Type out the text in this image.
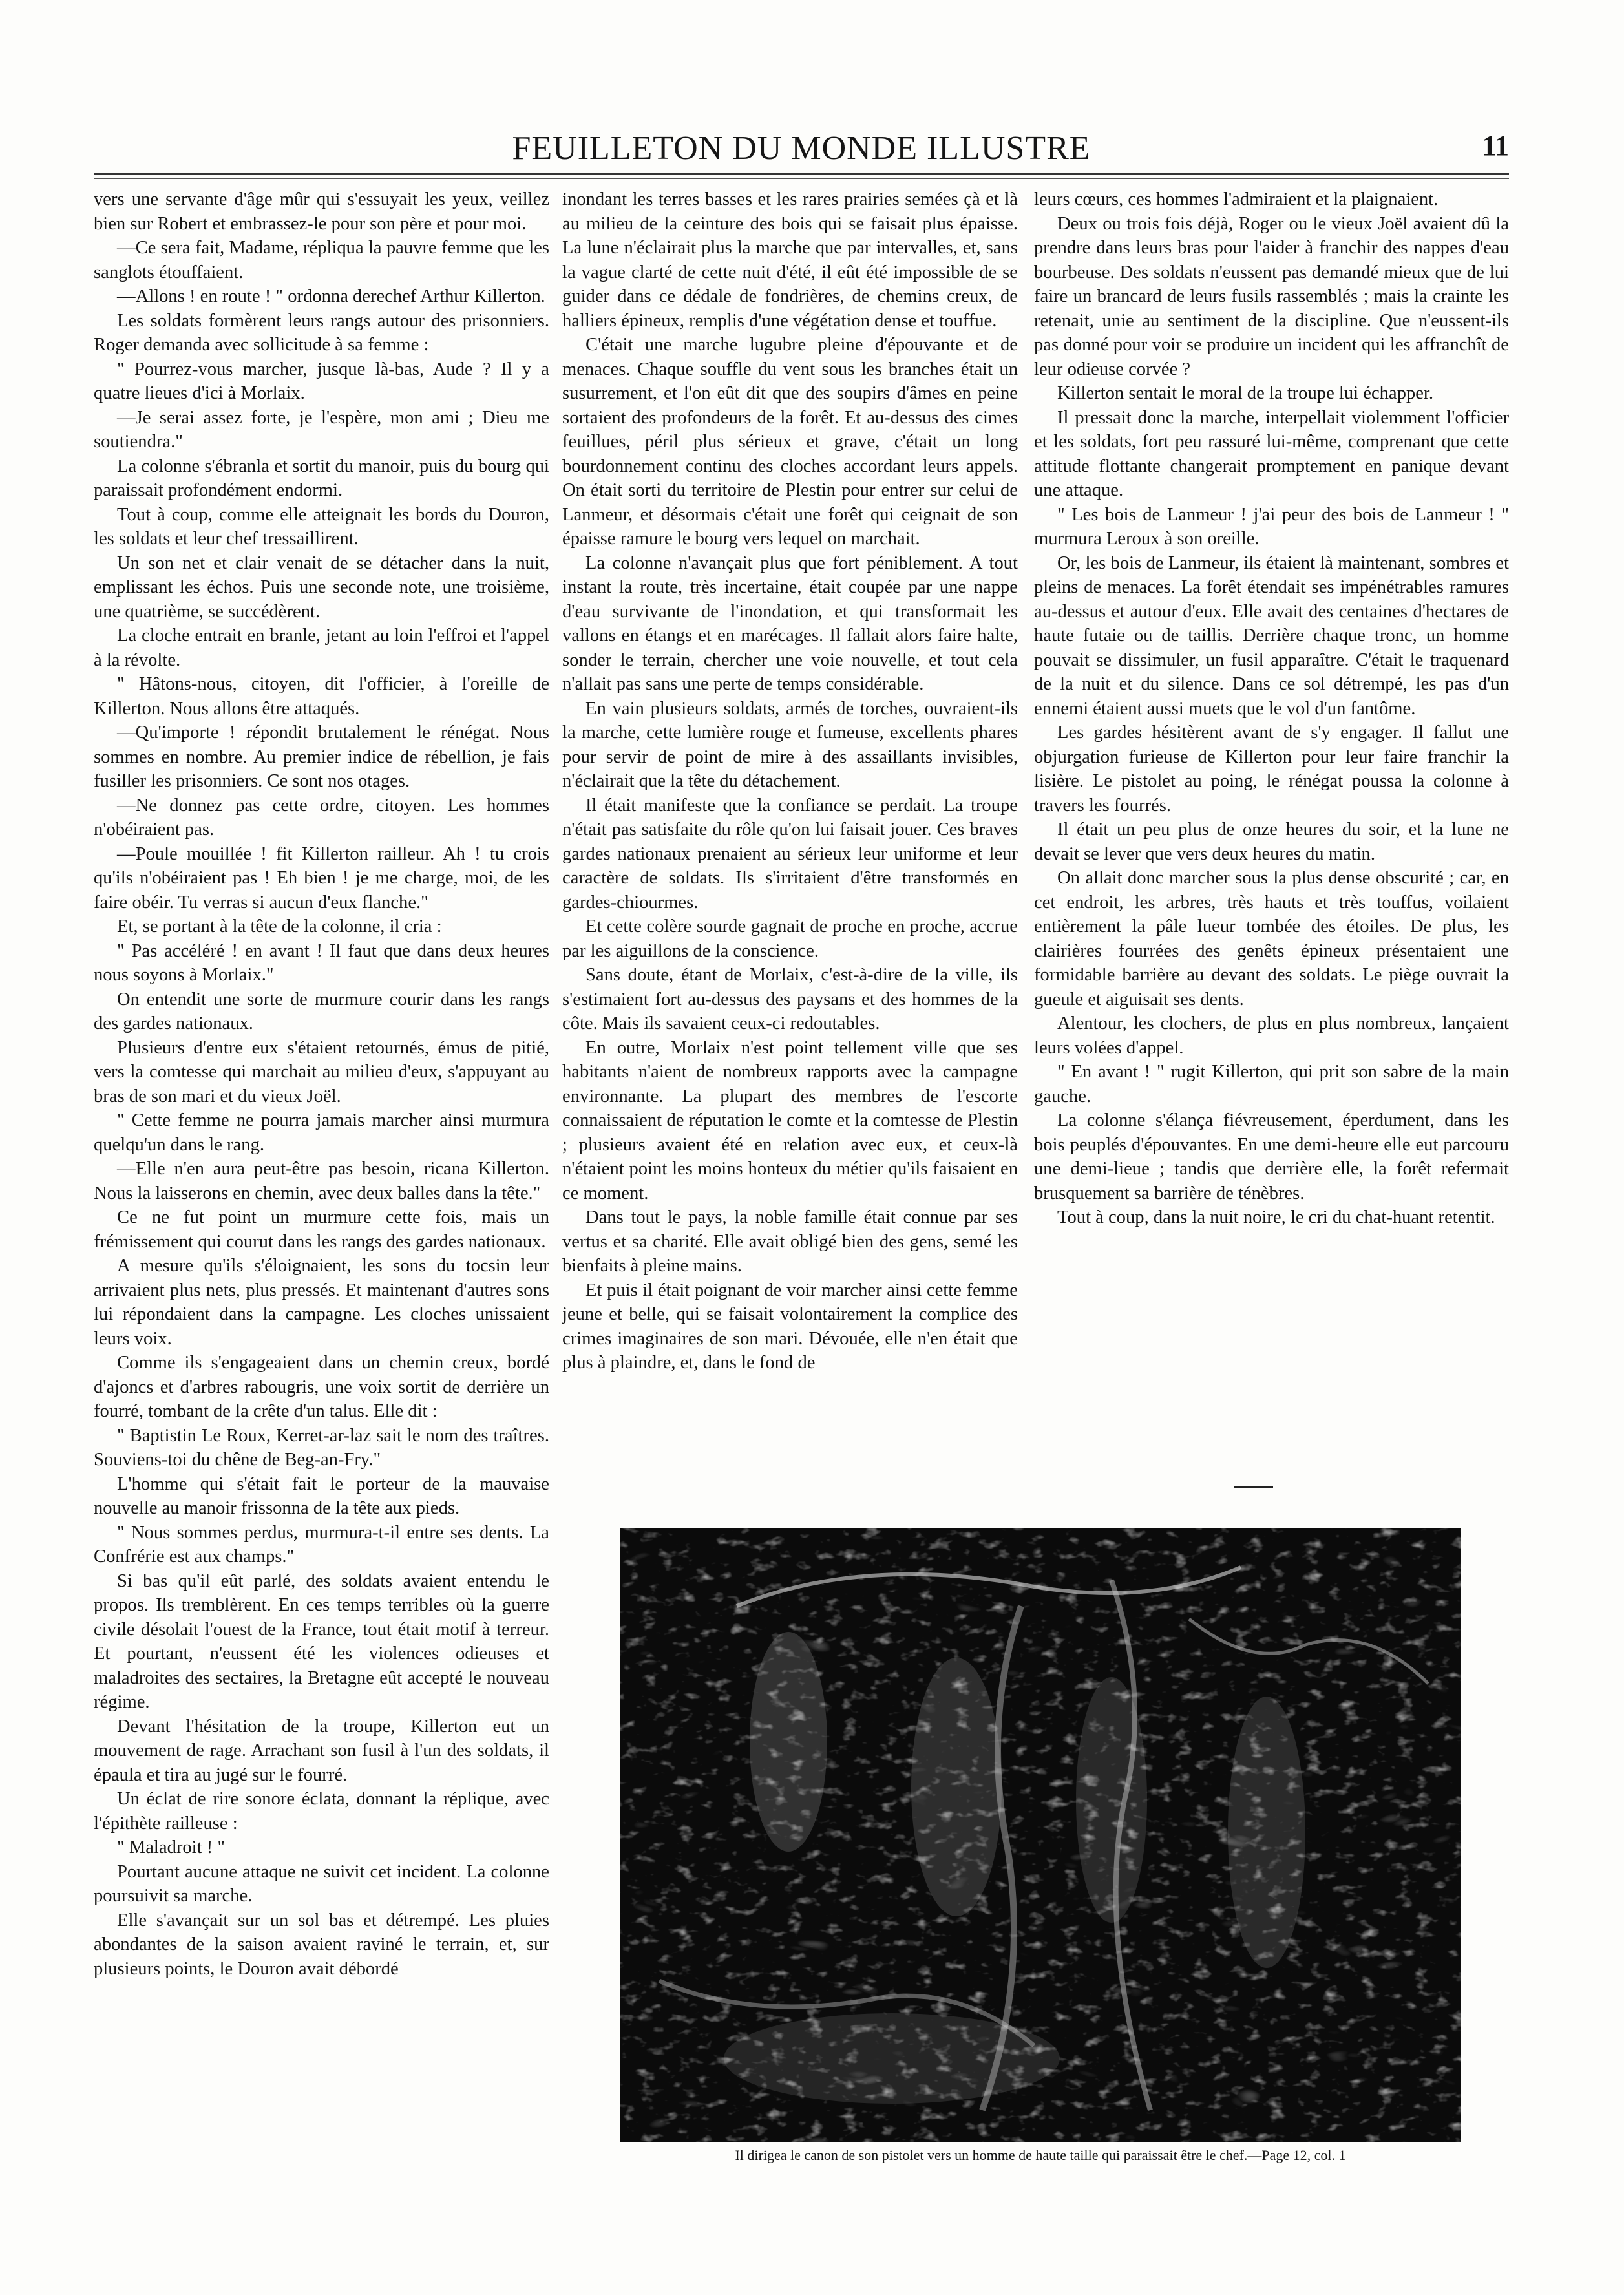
FEUILLETON DU MONDE ILLUSTRE	11

vers une servante d'âge mûr qui s'essuyait les yeux, veillez bien sur Robert et embrassez-le pour son père et pour moi.

—Ce sera fait, Madame, répliqua la pauvre femme que les sanglots étouffaient.

—Allons ! en route ! " ordonna derechef Arthur Killerton.

Les soldats formèrent leurs rangs autour des prisonniers. Roger demanda avec sollicitude à sa femme :

" Pourrez-vous marcher, jusque là-bas, Aude ? Il y a quatre lieues d'ici à Morlaix.

—Je serai assez forte, je l'espère, mon ami ; Dieu me soutiendra."

La colonne s'ébranla et sortit du manoir, puis du bourg qui paraissait profondément endormi.

Tout à coup, comme elle atteignait les bords du Douron, les soldats et leur chef tressaillirent.

Un son net et clair venait de se détacher dans la nuit, emplissant les échos. Puis une seconde note, une troisième, une quatrième, se succédèrent.

La cloche entrait en branle, jetant au loin l'effroi et l'appel à la révolte.

" Hâtons-nous, citoyen, dit l'officier, à l'oreille de Killerton. Nous allons être attaqués.

—Qu'importe ! répondit brutalement le rénégat. Nous sommes en nombre. Au premier indice de rébellion, je fais fusiller les prisonniers. Ce sont nos otages.

—Ne donnez pas cette ordre, citoyen. Les hommes n'obéiraient pas.

—Poule mouillée ! fit Killerton railleur. Ah ! tu crois qu'ils n'obéiraient pas ! Eh bien ! je me charge, moi, de les faire obéir. Tu verras si aucun d'eux flanche."

Et, se portant à la tête de la colonne, il cria :

" Pas accéléré ! en avant ! Il faut que dans deux heures nous soyons à Morlaix."

On entendit une sorte de murmure courir dans les rangs des gardes nationaux.

Plusieurs d'entre eux s'étaient retournés, émus de pitié, vers la comtesse qui marchait au milieu d'eux, s'appuyant au bras de son mari et du vieux Joël.

" Cette femme ne pourra jamais marcher ainsi murmura quelqu'un dans le rang.

—Elle n'en aura peut-être pas besoin, ricana Killerton. Nous la laisserons en chemin, avec deux balles dans la tête."

Ce ne fut point un murmure cette fois, mais un frémissement qui courut dans les rangs des gardes nationaux.

A mesure qu'ils s'éloignaient, les sons du tocsin leur arrivaient plus nets, plus pressés. Et maintenant d'autres sons lui répondaient dans la campagne. Les cloches unissaient leurs voix.

Comme ils s'engageaient dans un chemin creux, bordé d'ajoncs et d'arbres rabougris, une voix sortit de derrière un fourré, tombant de la crête d'un talus. Elle dit :

" Baptistin Le Roux, Kerret-ar-laz sait le nom des traîtres. Souviens-toi du chêne de Beg-an-Fry."

L'homme qui s'était fait le porteur de la mauvaise nouvelle au manoir frissonna de la tête aux pieds.

" Nous sommes perdus, murmura-t-il entre ses dents. La Confrérie est aux champs."

Si bas qu'il eût parlé, des soldats avaient entendu le propos. Ils tremblèrent. En ces temps terribles où la guerre civile désolait l'ouest de la France, tout était motif à terreur. Et pourtant, n'eussent été les violences odieuses et maladroites des sectaires, la Bretagne eût accepté le nouveau régime.

Devant l'hésitation de la troupe, Killerton eut un mouvement de rage. Arrachant son fusil à l'un des soldats, il épaula et tira au jugé sur le fourré.

Un éclat de rire sonore éclata, donnant la réplique, avec l'épithète railleuse :

" Maladroit ! "

Pourtant aucune attaque ne suivit cet incident. La colonne poursuivit sa marche.

Elle s'avançait sur un sol bas et détrempé. Les pluies abondantes de la saison avaient raviné le terrain, et, sur plusieurs points, le Douron avait débordé

inondant les terres basses et les rares prairies semées çà et là au milieu de la ceinture des bois qui se faisait plus épaisse. La lune n'éclairait plus la marche que par intervalles, et, sans la vague clarté de cette nuit d'été, il eût été impossible de se guider dans ce dédale de fondrières, de chemins creux, de halliers épineux, remplis d'une végétation dense et touffue.

C'était une marche lugubre pleine d'épouvante et de menaces. Chaque souffle du vent sous les branches était un susurrement, et l'on eût dit que des soupirs d'âmes en peine sortaient des profondeurs de la forêt. Et au-dessus des cimes feuillues, péril plus sérieux et grave, c'était un long bourdonnement continu des cloches accordant leurs appels. On était sorti du territoire de Plestin pour entrer sur celui de Lanmeur, et désormais c'était une forêt qui ceignait de son épaisse ramure le bourg vers lequel on marchait.

La colonne n'avançait plus que fort péniblement. A tout instant la route, très incertaine, était coupée par une nappe d'eau survivante de l'inondation, et qui transformait les vallons en étangs et en marécages. Il fallait alors faire halte, sonder le terrain, chercher une voie nouvelle, et tout cela n'allait pas sans une perte de temps considérable.

En vain plusieurs soldats, armés de torches, ouvraient-ils la marche, cette lumière rouge et fumeuse, excellents phares pour servir de point de mire à des assaillants invisibles, n'éclairait que la tête du détachement.

Il était manifeste que la confiance se perdait. La troupe n'était pas satisfaite du rôle qu'on lui faisait jouer. Ces braves gardes nationaux prenaient au sérieux leur uniforme et leur caractère de soldats. Ils s'irritaient d'être transformés en gardes-chiourmes.

Et cette colère sourde gagnait de proche en proche, accrue par les aiguillons de la conscience.

Sans doute, étant de Morlaix, c'est-à-dire de la ville, ils s'estimaient fort au-dessus des paysans et des hommes de la côte. Mais ils savaient ceux-ci redoutables.

En outre, Morlaix n'est point tellement ville que ses habitants n'aient de nombreux rapports avec la campagne environnante. La plupart des membres de l'escorte connaissaient de réputation le comte et la comtesse de Plestin ; plusieurs avaient été en relation avec eux, et ceux-là n'étaient point les moins honteux du métier qu'ils faisaient en ce moment.

Dans tout le pays, la noble famille était connue par ses vertus et sa charité. Elle avait obligé bien des gens, semé les bienfaits à pleine mains.

Et puis il était poignant de voir marcher ainsi cette femme jeune et belle, qui se faisait volontairement la complice des crimes imaginaires de son mari. Dévouée, elle n'en était que plus à plaindre, et, dans le fond de

leurs cœurs, ces hommes l'admiraient et la plaignaient.

Deux ou trois fois déjà, Roger ou le vieux Joël avaient dû la prendre dans leurs bras pour l'aider à franchir des nappes d'eau bourbeuse. Des soldats n'eussent pas demandé mieux que de lui faire un brancard de leurs fusils rassemblés ; mais la crainte les retenait, unie au sentiment de la discipline. Que n'eussent-ils pas donné pour voir se produire un incident qui les affranchît de leur odieuse corvée ?

Killerton sentait le moral de la troupe lui échapper.

Il pressait donc la marche, interpellait violemment l'officier et les soldats, fort peu rassuré lui-même, comprenant que cette attitude flottante changerait promptement en panique devant une attaque.

" Les bois de Lanmeur ! j'ai peur des bois de Lanmeur ! " murmura Leroux à son oreille.

Or, les bois de Lanmeur, ils étaient là maintenant, sombres et pleins de menaces. La forêt étendait ses impénétrables ramures au-dessus et autour d'eux. Elle avait des centaines d'hectares de haute futaie ou de taillis. Derrière chaque tronc, un homme pouvait se dissimuler, un fusil apparaître. C'était le traquenard de la nuit et du silence. Dans ce sol détrempé, les pas d'un ennemi étaient aussi muets que le vol d'un fantôme.

Les gardes hésitèrent avant de s'y engager. Il fallut une objurgation furieuse de Killerton pour leur faire franchir la lisière. Le pistolet au poing, le rénégat poussa la colonne à travers les fourrés.

Il était un peu plus de onze heures du soir, et la lune ne devait se lever que vers deux heures du matin.

On allait donc marcher sous la plus dense obscurité ; car, en cet endroit, les arbres, très hauts et très touffus, voilaient entièrement la pâle lueur tombée des étoiles. De plus, les clairières fourrées des genêts épineux présentaient une formidable barrière au devant des soldats. Le piège ouvrait la gueule et aiguisait ses dents.

Alentour, les clochers, de plus en plus nombreux, lançaient leurs volées d'appel.

" En avant ! " rugit Killerton, qui prit son sabre de la main gauche.

La colonne s'élança fiévreusement, éperdument, dans les bois peuplés d'épouvantes. En une demi-heure elle eut parcouru une demi-lieue ; tandis que derrière elle, la forêt refermait brusquement sa barrière de ténèbres.

Tout à coup, dans la nuit noire, le cri du chat-huant retentit.

Il dirigea le canon de son pistolet vers un homme de haute taille qui paraissait être le chef.—Page 12, col. 1
